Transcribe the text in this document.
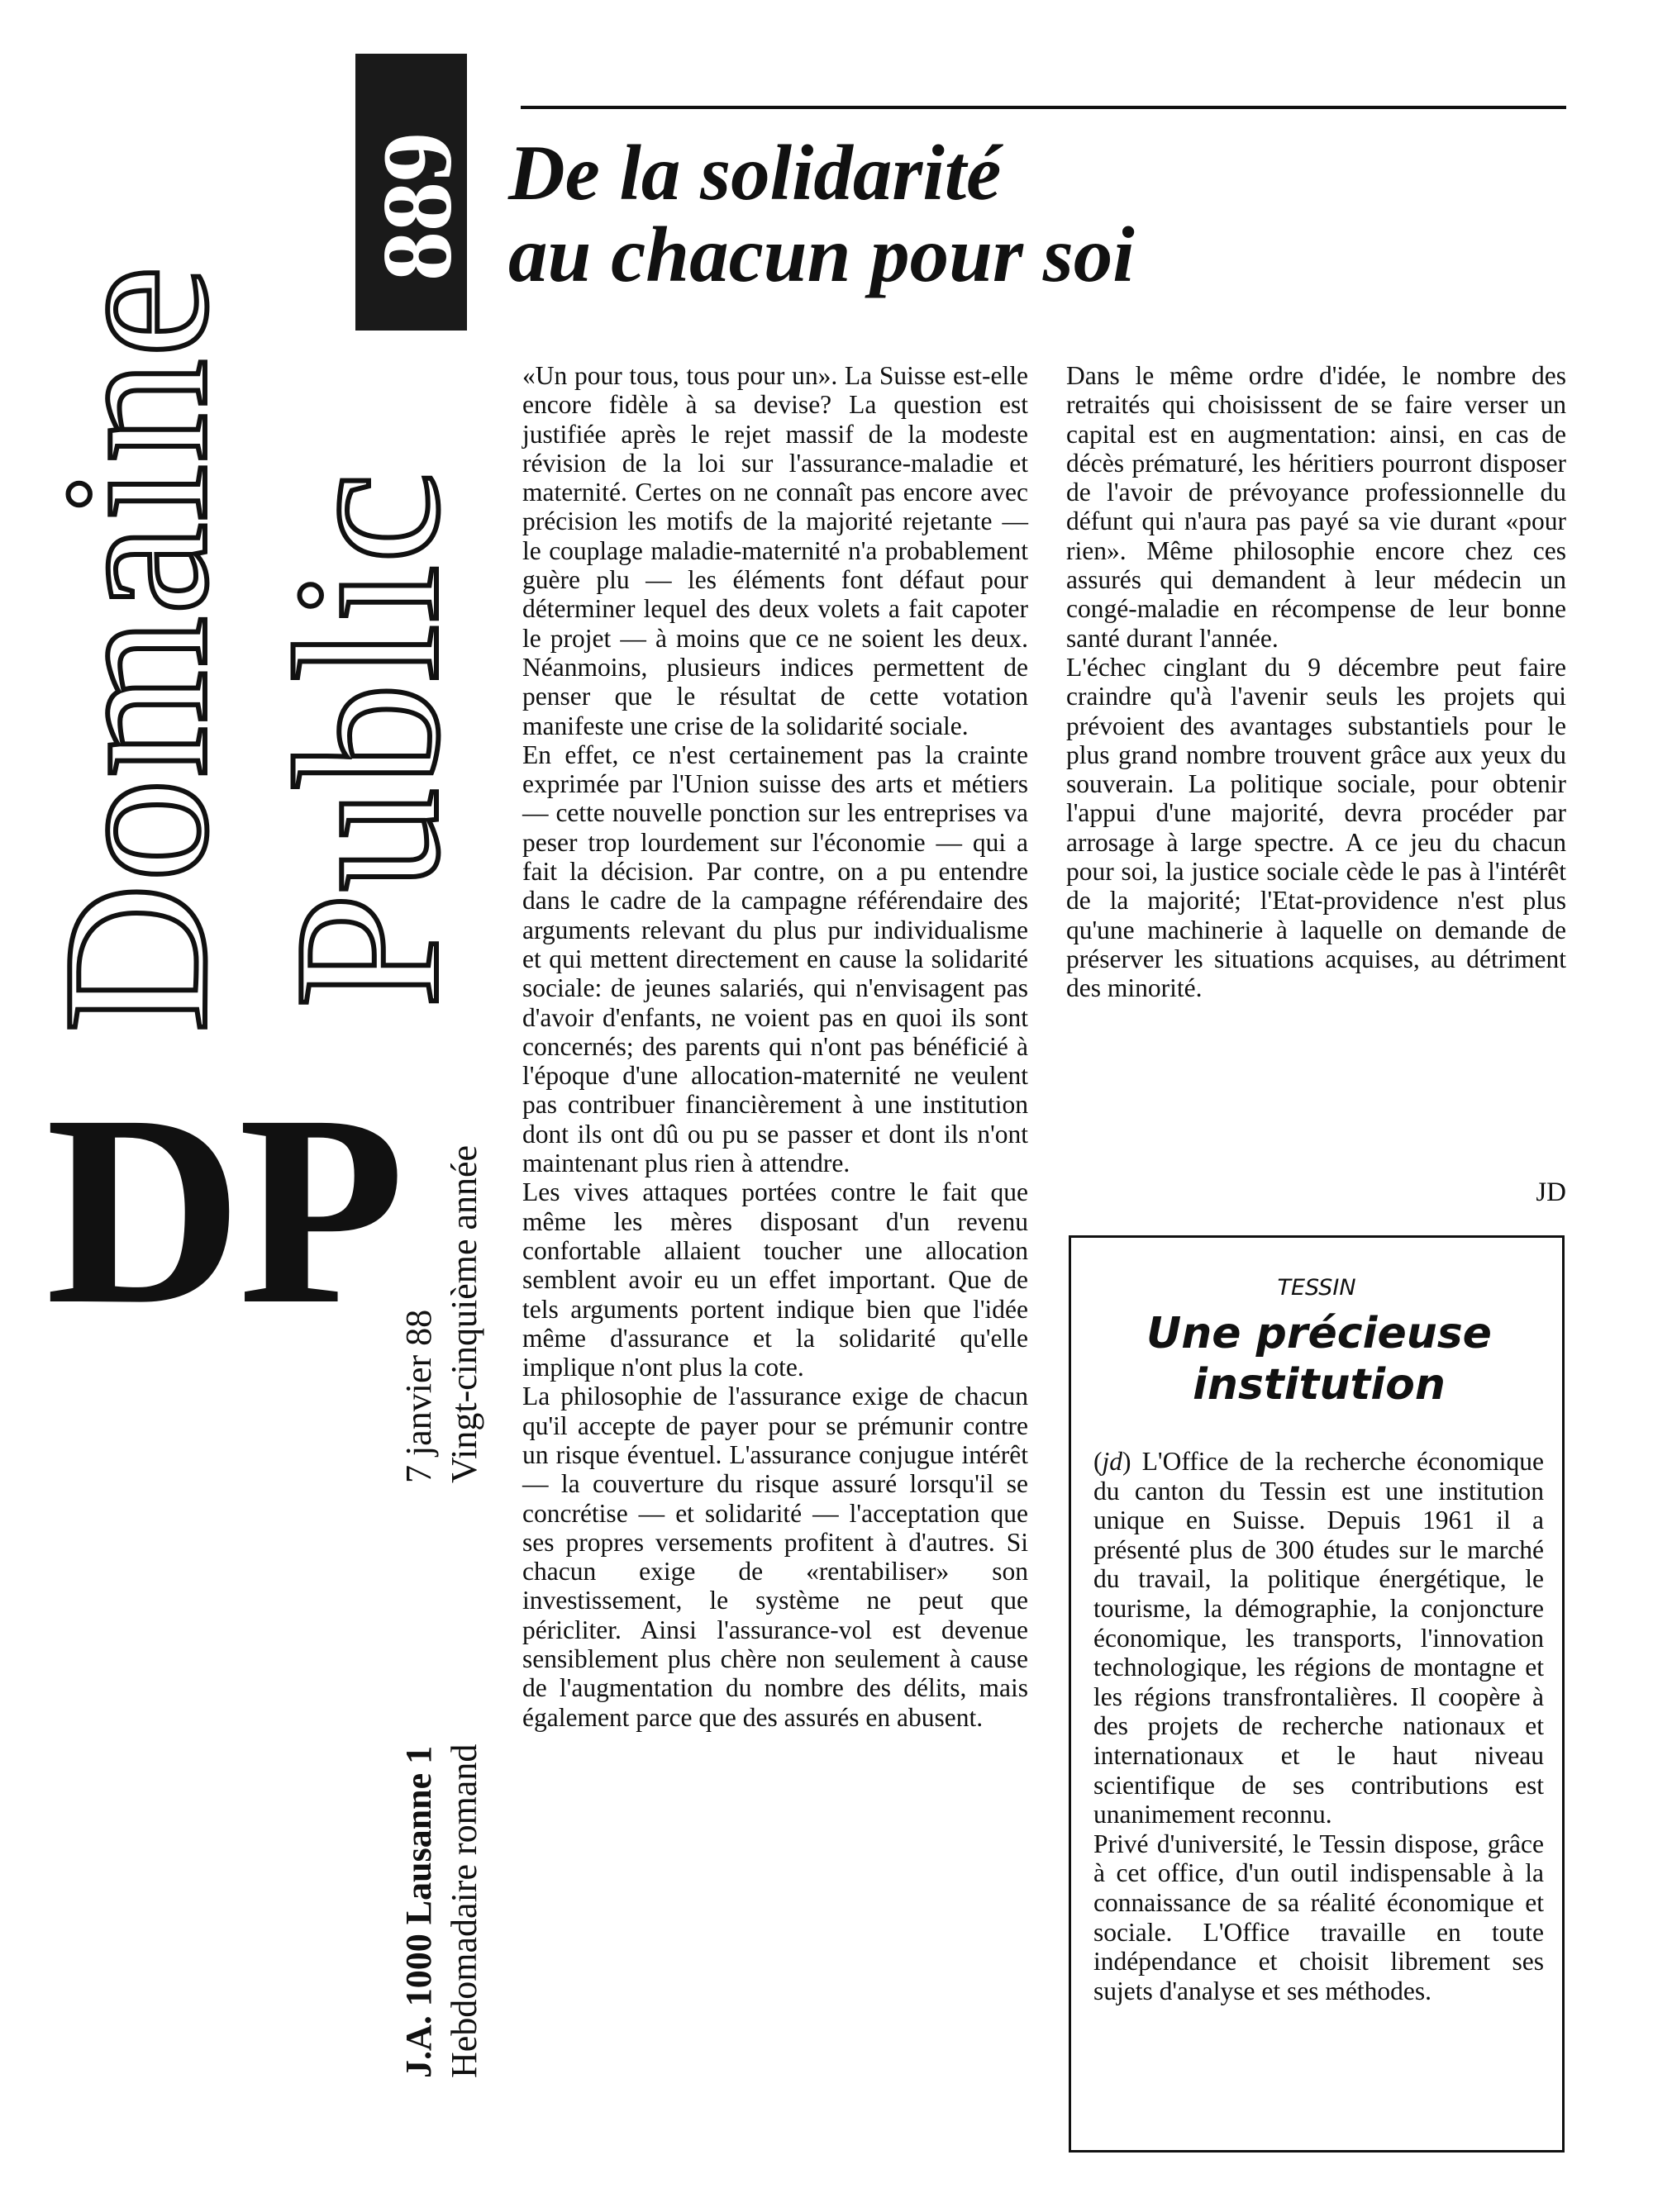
Domaine Public
889
DP
J.A. 1000 Lausanne 1 Hebdomadaire romand
7 janvier 88 Vingt-cinquième année
De la solidarité
au chacun pour soi

«Un pour tous, tous pour un». La Suisse est-elle encore fidèle à sa devise? La question est justifiée après le rejet massif de la modeste révision de la loi sur l'assurance-maladie et maternité. Certes on ne connaît pas encore avec précision les motifs de la majorité rejetante — le couplage maladie-maternité n'a probablement guère plu — les éléments font défaut pour déterminer lequel des deux volets a fait capoter le projet — à moins que ce ne soient les deux. Néanmoins, plusieurs indices permettent de penser que le résultat de cette votation manifeste une crise de la solidarité sociale.

En effet, ce n'est certainement pas la crainte exprimée par l'Union suisse des arts et métiers — cette nouvelle ponction sur les entreprises va peser trop lourdement sur l'économie — qui a fait la décision. Par contre, on a pu entendre dans le cadre de la campagne référendaire des arguments relevant du plus pur individualisme et qui mettent directement en cause la solidarité sociale: de jeunes salariés, qui n'envisagent pas d'avoir d'enfants, ne voient pas en quoi ils sont concernés; des parents qui n'ont pas bénéficié à l'époque d'une allocation-maternité ne veulent pas contribuer financièrement à une institution dont ils ont dû ou pu se passer et dont ils n'ont maintenant plus rien à attendre.

Les vives attaques portées contre le fait que même les mères disposant d'un revenu confortable allaient toucher une allocation semblent avoir eu un effet important. Que de tels arguments portent indique bien que l'idée même d'assurance et la solidarité qu'elle implique n'ont plus la cote.

La philosophie de l'assurance exige de chacun qu'il accepte de payer pour se prémunir contre un risque éventuel. L'assurance conjugue intérêt — la couverture du risque assuré lorsqu'il se concrétise — et solidarité — l'acceptation que ses propres versements profitent à d'autres. Si chacun exige de «rentabiliser» son investissement, le système ne peut que péricliter. Ainsi l'assurance-vol est devenue sensiblement plus chère non seulement à cause de l'augmentation du nombre des délits, mais également parce que des assurés en abusent.

Dans le même ordre d'idée, le nombre des retraités qui choisissent de se faire verser un capital est en augmentation: ainsi, en cas de décès prématuré, les héritiers pourront disposer de l'avoir de prévoyance professionnelle du défunt qui n'aura pas payé sa vie durant «pour rien». Même philosophie encore chez ces assurés qui demandent à leur médecin un congé-maladie en récompense de leur bonne santé durant l'année.

L'échec cinglant du 9 décembre peut faire craindre qu'à l'avenir seuls les projets qui prévoient des avantages substantiels pour le plus grand nombre trouvent grâce aux yeux du souverain. La politique sociale, pour obtenir l'appui d'une majorité, devra procéder par arrosage à large spectre. A ce jeu du chacun pour soi, la justice sociale cède le pas à l'intérêt de la majorité; l'Etat-providence n'est plus qu'une machinerie à laquelle on demande de préserver les situations acquises, au détriment des minorité.

JD
TESSIN
Une précieuse
institution

(jd) L'Office de la recherche économique du canton du Tessin est une institution unique en Suisse. Depuis 1961 il a présenté plus de 300 études sur le marché du travail, la politique énergétique, le tourisme, la démographie, la conjoncture économique, les transports, l'innovation technologique, les régions de montagne et les régions transfrontalières. Il coopère à des projets de recherche nationaux et internationaux et le haut niveau scientifique de ses contributions est unanimement reconnu.

Privé d'université, le Tessin dispose, grâce à cet office, d'un outil indispensable à la connaissance de sa réalité économique et sociale. L'Office travaille en toute indépendance et choisit librement ses sujets d'analyse et ses méthodes.
